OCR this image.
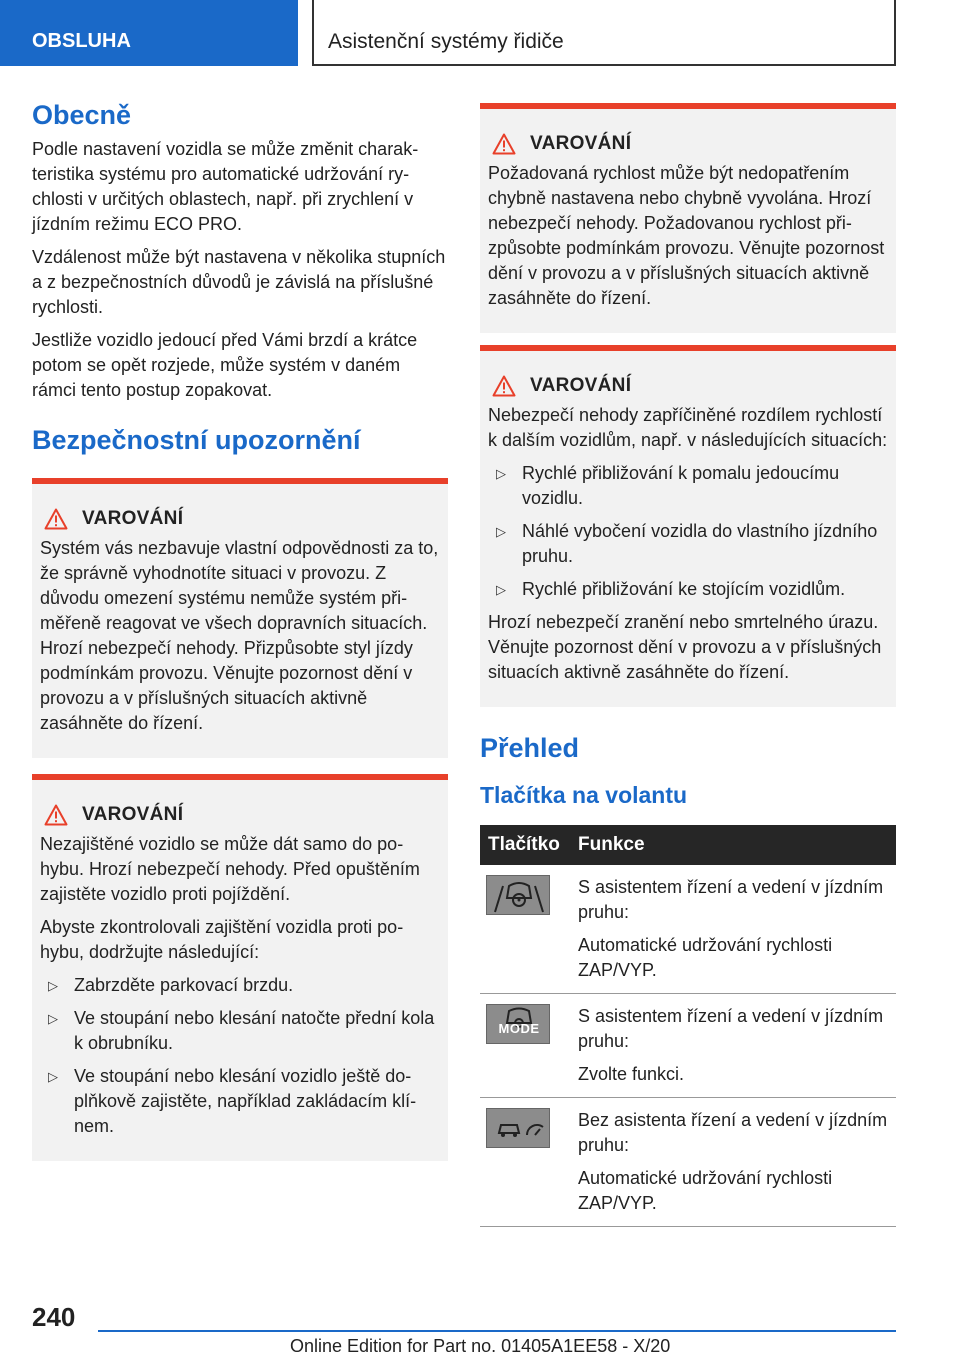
OBSLUHA	Asistenční systémy řidiče
Obecně

Podle nastavení vozidla se může změnit charakteristika systému pro automatické udržování rychlosti v určitých oblastech, např. při zrychlení v jízdním režimu ECO PRO.

Vzdálenost může být nastavena v několika stupních a z bezpečnostních důvodů je závislá na příslušné rychlosti.

Jestliže vozidlo jedoucí před Vámi brzdí a krátce potom se opět rozjede, může systém v daném rámci tento postup zopakovat.

Bezpečnostní upozornění
VAROVÁNÍ

Systém vás nezbavuje vlastní odpovědnosti za to, že správně vyhodnotíte situaci v provozu. Z důvodu omezení systému nemůže systém přiměřeně reagovat ve všech dopravních situacích. Hrozí nebezpečí nehody. Přizpůsobte styl jízdy podmínkám provozu. Věnujte pozornost dění v provozu a v příslušných situacích aktivně zasáhněte do řízení.

VAROVÁNÍ

Nezajištěné vozidlo se může dát samo do pohybu. Hrozí nebezpečí nehody. Před opuštěním zajistěte vozidlo proti pojíždění.

Abyste zkontrolovali zajištění vozidla proti pohybu, dodržujte následující:

▷ Zabrzděte parkovací brzdu.
▷ Ve stoupání nebo klesání natočte přední kola k obrubníku.
▷ Ve stoupání nebo klesání vozidlo ještě doplňkově zajistěte, například zakládacím klínem.
VAROVÁNÍ

Požadovaná rychlost může být nedopatřením chybně nastavena nebo chybně vyvolána. Hrozí nebezpečí nehody. Požadovanou rychlost přizpůsobte podmínkám provozu. Věnujte pozornost dění v provozu a v příslušných situacích aktivně zasáhněte do řízení.

VAROVÁNÍ

Nebezpečí nehody zapříčiněné rozdílem rychlostí k dalším vozidlům, např. v následujících situacích:

▷ Rychlé přibližování k pomalu jedoucímu vozidlu.
▷ Náhlé vybočení vozidla do vlastního jízdního pruhu.
▷ Rychlé přibližování ke stojícím vozidlům.

Hrozí nebezpečí zranění nebo smrtelného úrazu. Věnujte pozornost dění v provozu a v příslušných situacích aktivně zasáhněte do řízení.

Přehled
Tlačítka na volantu
Tlačítko	Funkce

S asistentem řízení a vedení v jízdním pruhu:
Automatické udržování rychlosti ZAP/VYP.

MODE	S asistentem řízení a vedení v jízdním pruhu:
Zvolte funkci.

Bez asistenta řízení a vedení v jízdním pruhu:
Automatické udržování rychlosti ZAP/VYP.
240
Online Edition for Part no. 01405A1EE58 - X/20
